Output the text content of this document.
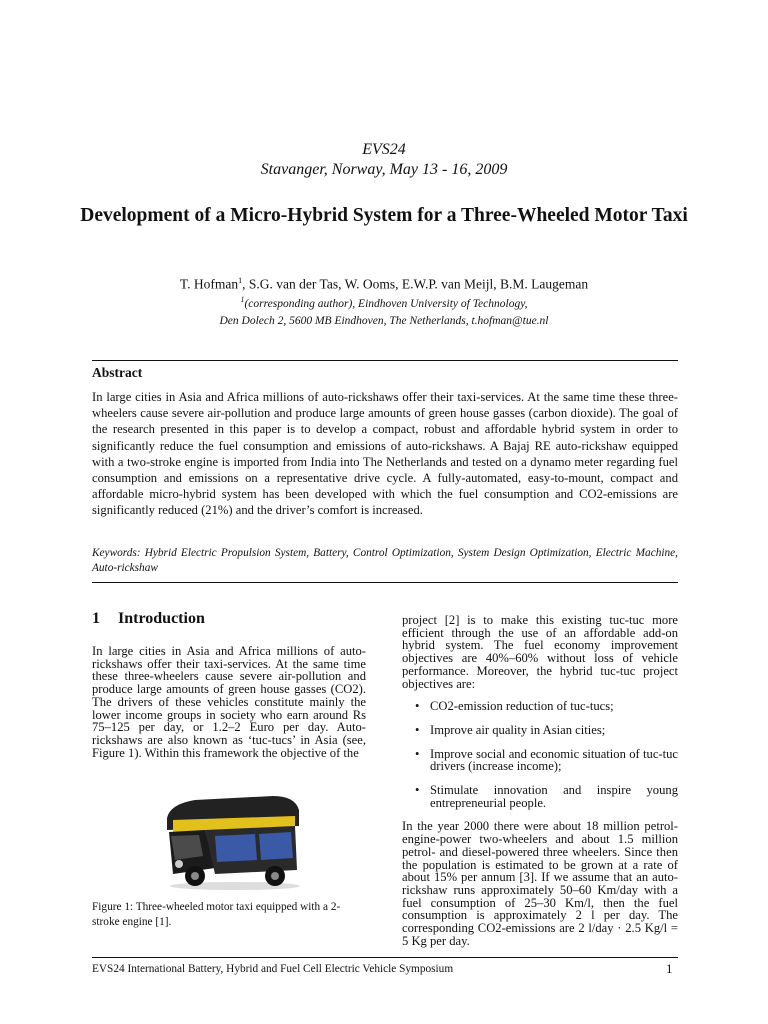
EVS24
Stavanger, Norway, May 13 - 16, 2009
Development of a Micro-Hybrid System for a Three-Wheeled Motor Taxi
T. Hofman$^1$, S.G. van der Tas, W. Ooms, E.W.P. van Meijl, B.M. Laugeman
$^1$(corresponding author), Eindhoven University of Technology,
Den Dolech 2, 5600 MB Eindhoven, The Netherlands, t.hofman@tue.nl
Abstract
In large cities in Asia and Africa millions of auto-rickshaws offer their taxi-services. At the same time these three-wheelers cause severe air-pollution and produce large amounts of green house gasses (carbon dioxide). The goal of the research presented in this paper is to develop a compact, robust and affordable hybrid system in order to significantly reduce the fuel consumption and emissions of auto-rickshaws. A Bajaj RE auto-rickshaw equipped with a two-stroke engine is imported from India into The Netherlands and tested on a dynamo meter regarding fuel consumption and emissions on a representative drive cycle. A fully-automated, easy-to-mount, compact and affordable micro-hybrid system has been developed with which the fuel consumption and CO2-emissions are significantly reduced (21%) and the driver’s comfort is increased.
Keywords: Hybrid Electric Propulsion System, Battery, Control Optimization, System Design Optimization, Electric Machine, Auto-rickshaw
1 Introduction
In large cities in Asia and Africa millions of auto-rickshaws offer their taxi-services. At the same time these three-wheelers cause severe air-pollution and produce large amounts of green house gasses (CO2). The drivers of these vehicles constitute mainly the lower income groups in society who earn around Rs 75–125 per day, or 1.2–2 Euro per day. Auto-rickshaws are also known as ‘tuc-tucs’ in Asia (see, Figure 1). Within this framework the objective of the
Figure 1: Three-wheeled motor taxi equipped with a 2-stroke engine [1].
project [2] is to make this existing tuc-tuc more efficient through the use of an affordable add-on hybrid system. The fuel economy improvement objectives are 40%–60% without loss of vehicle performance. Moreover, the hybrid tuc-tuc project objectives are:
• CO2-emission reduction of tuc-tucs;
• Improve air quality in Asian cities;
• Improve social and economic situation of tuc-tuc drivers (increase income);
• Stimulate innovation and inspire young entrepreneurial people.
In the year 2000 there were about 18 million petrol-engine-power two-wheelers and about 1.5 million petrol- and diesel-powered three wheelers. Since then the population is estimated to be grown at a rate of about 15% per annum [3]. If we assume that an auto-rickshaw runs approximately 50–60 Km/day with a fuel consumption of 25–30 Km/l, then the fuel consumption is approximately 2 l per day. The corresponding CO2-emissions are 2 l/day · 2.5 Kg/l = 5 Kg per day.
EVS24 International Battery, Hybrid and Fuel Cell Electric Vehicle Symposium	1
